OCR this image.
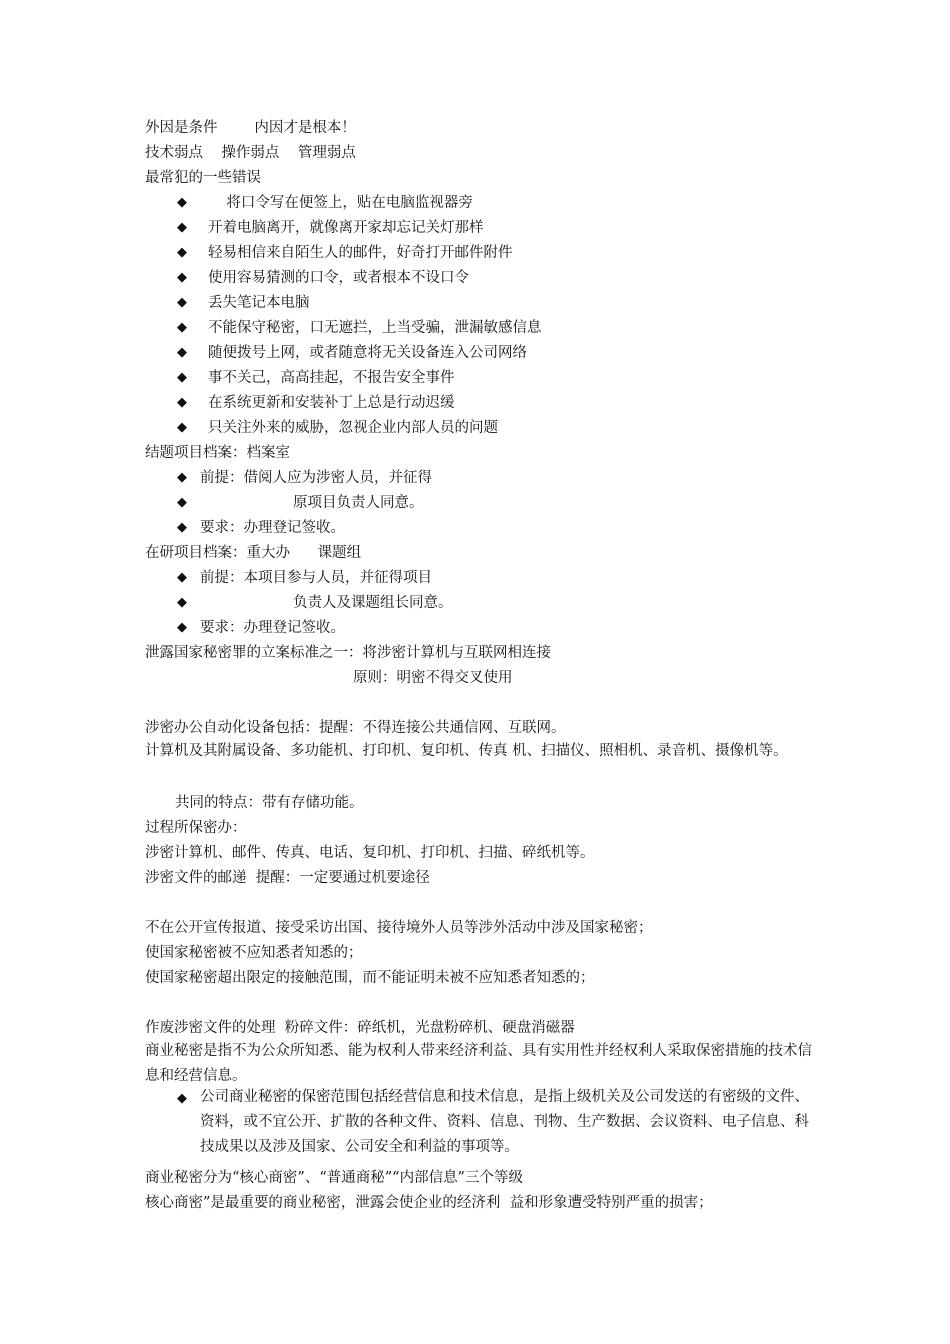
外因是条件        内因才是根本！
技术弱点    操作弱点    管理弱点
最常犯的一些错误
◆ 将口令写在便签上，贴在电脑监视器旁
◆ 开着电脑离开，就像离开家却忘记关灯那样
◆ 轻易相信来自陌生人的邮件，好奇打开邮件附件
◆ 使用容易猜测的口令，或者根本不设口令
◆ 丢失笔记本电脑
◆ 不能保守秘密，口无遮拦，上当受骗，泄漏敏感信息
◆ 随便拨号上网，或者随意将无关设备连入公司网络
◆ 事不关己，高高挂起，不报告安全事件
◆ 在系统更新和安装补丁上总是行动迟缓
◆ 只关注外来的威胁，忽视企业内部人员的问题
结题项目档案：档案室
◆ 前提：借阅人应为涉密人员，并征得
◆	原项目负责人同意。
◆ 要求：办理登记签收。
在研项目档案：重大办      课题组
◆ 前提：本项目参与人员，并征得项目
◆	负责人及课题组长同意。
◆ 要求：办理登记签收。
泄露国家秘密罪的立案标准之一：将涉密计算机与互联网相连接
原则：明密不得交叉使用
涉密办公自动化设备包括：提醒：不得连接公共通信网、互联网。
计算机及其附属设备、多功能机、打印机、复印机、传真 机、扫描仪、照相机、录音机、摄像机等。
共同的特点：带有存储功能。
过程所保密办：
涉密计算机、邮件、传真、电话、复印机、打印机、扫描、碎纸机等。
涉密文件的邮递  提醒：一定要通过机要途径
不在公开宣传报道、接受采访出国、接待境外人员等涉外活动中涉及国家秘密；
使国家秘密被不应知悉者知悉的；
使国家秘密超出限定的接触范围，而不能证明未被不应知悉者知悉的；
作废涉密文件的处理  粉碎文件：碎纸机，光盘粉碎机、硬盘消磁器
商业秘密是指不为公众所知悉、能为权利人带来经济利益、具有实用性并经权利人采取保密措施的技术信息和经营信息。
◆ 公司商业秘密的保密范围包括经营信息和技术信息，是指上级机关及公司发送的有密级的文件、资料，或不宜公开、扩散的各种文件、资料、信息、刊物、生产数据、会议资料、电子信息、科技成果以及涉及国家、公司安全和利益的事项等。
商业秘密分为“核心商密”、“普通商秘”“内部信息”三个等级
核心商密”是最重要的商业秘密，泄露会使企业的经济利  益和形象遭受特别严重的损害；
